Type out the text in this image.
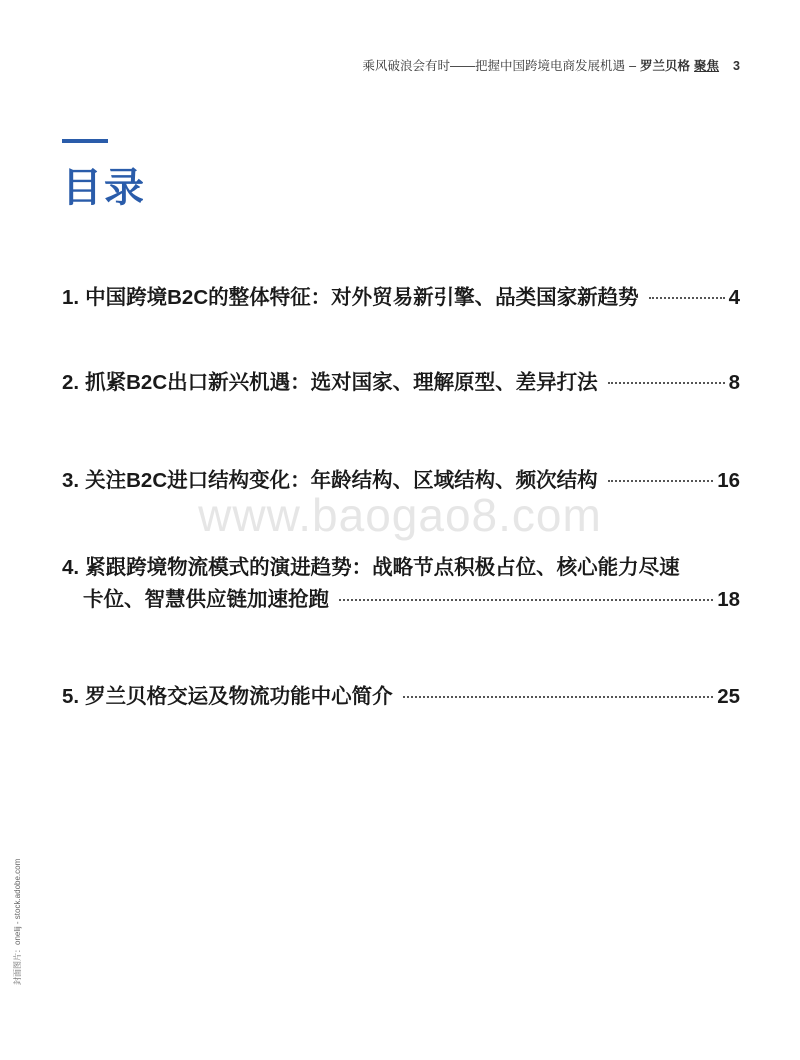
乘风破浪会有时——把握中国跨境电商发展机遇 – 罗兰贝格 聚焦 3
目录
1. 中国跨境B2C的整体特征：对外贸易新引擎、品类国家新趋势	4
2. 抓紧B2C出口新兴机遇：选对国家、理解原型、差异打法	8
3. 关注B2C进口结构变化：年龄结构、区域结构、频次结构	16
4. 紧跟跨境物流模式的演进趋势：战略节点积极占位、核心能力尽速
卡位、智慧供应链加速抢跑	18
5. 罗兰贝格交运及物流功能中心简介	25
www.baogao8.com
封面图片：onelij - stock.adobe.com
